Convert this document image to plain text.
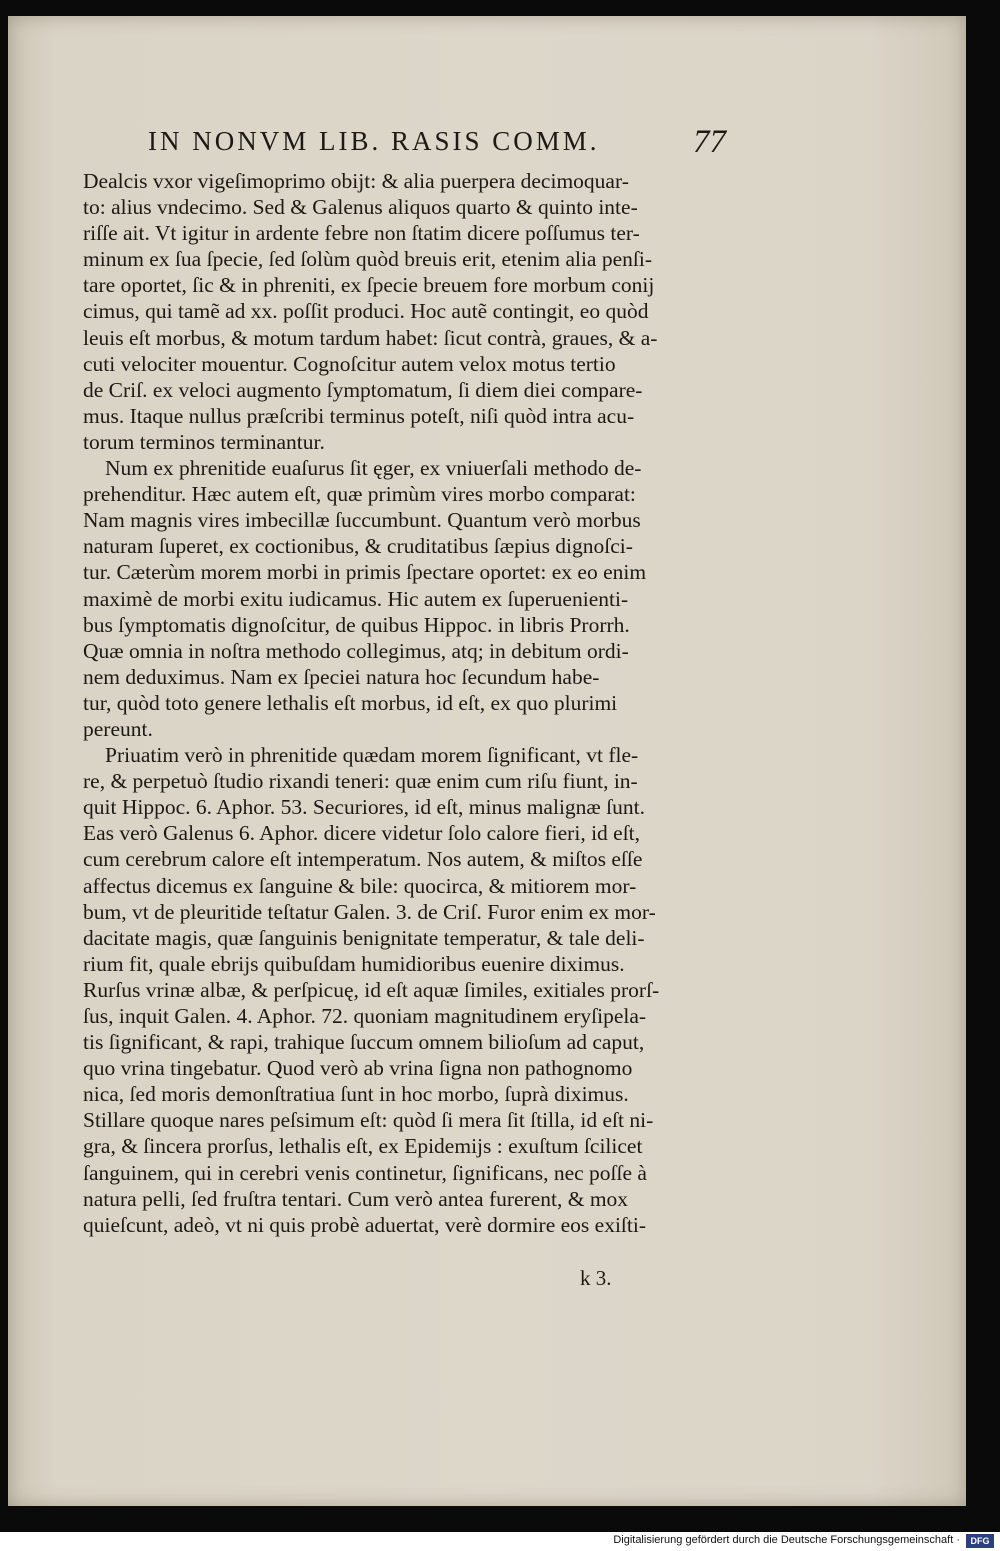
IN NONVM LIB. RASIS COMM.	77
Dealcis vxor vigeſimoprimo obijt: & alia puerpera decimoquar-
to: alius vndecimo. Sed & Galenus aliquos quarto & quinto inte-
riſſe ait. Vt igitur in ardente febre non ſtatim dicere poſſumus ter-
minum ex ſua ſpecie, ſed ſolùm quòd breuis erit, etenim alia penſi-
tare oportet, ſic & in phreniti, ex ſpecie breuem fore morbum conij
cimus, qui tamẽ ad xx. poſſit produci. Hoc autẽ contingit, eo quòd
leuis eſt morbus, & motum tardum habet: ſicut contrà, graues, & a-
cuti velociter mouentur. Cognoſcitur autem velox motus tertio
de Criſ. ex veloci augmento ſymptomatum, ſi diem diei compare-
mus. Itaque nullus præſcribi terminus poteſt, niſi quòd intra acu-
torum terminos terminantur.
Num ex phrenitide euaſurus ſit ęger, ex vniuerſali methodo de-
prehenditur. Hæc autem eſt, quæ primùm vires morbo comparat:
Nam magnis vires imbecillæ ſuccumbunt. Quantum verò morbus
naturam ſuperet, ex coctionibus, & cruditatibus ſæpius dignoſci-
tur. Cæterùm morem morbi in primis ſpectare oportet: ex eo enim
maximè de morbi exitu iudicamus. Hic autem ex ſuperuenienti-
bus ſymptomatis dignoſcitur, de quibus Hippoc. in libris Prorrh.
Quæ omnia in noſtra methodo collegimus, atq; in debitum ordi-
nem deduximus. Nam ex ſpeciei natura hoc ſecundum habe-
tur, quòd toto genere lethalis eſt morbus, id eſt, ex quo plurimi
pereunt.
Priuatim verò in phrenitide quædam morem ſignificant, vt fle-
re, & perpetuò ſtudio rixandi teneri: quæ enim cum riſu fiunt, in-
quit Hippoc. 6. Aphor. 53. Securiores, id eſt, minus malignæ ſunt.
Eas verò Galenus 6. Aphor. dicere videtur ſolo calore fieri, id eſt,
cum cerebrum calore eſt intemperatum. Nos autem, & miſtos eſſe
affectus dicemus ex ſanguine & bile: quocirca, & mitiorem mor-
bum, vt de pleuritide teſtatur Galen. 3. de Criſ. Furor enim ex mor-
dacitate magis, quæ ſanguinis benignitate temperatur, & tale deli-
rium fit, quale ebrijs quibuſdam humidioribus euenire diximus.
Rurſus vrinæ albæ, & perſpicuę, id eſt aquæ ſimiles, exitiales prorſ-
ſus, inquit Galen. 4. Aphor. 72. quoniam magnitudinem eryſipela-
tis ſignificant, & rapi, trahique ſuccum omnem bilioſum ad caput,
quo vrina tingebatur. Quod verò ab vrina ſigna non pathognomo
nica, ſed moris demonſtratiua ſunt in hoc morbo, ſuprà diximus.
Stillare quoque nares peſsimum eſt: quòd ſi mera ſit ſtilla, id eſt ni-
gra, & ſincera prorſus, lethalis eſt, ex Epidemijs : exuſtum ſcilicet
ſanguinem, qui in cerebri venis continetur, ſignificans, nec poſſe à
natura pelli, ſed fruſtra tentari. Cum verò antea furerent, & mox
quieſcunt, adeò, vt ni quis probè aduertat, verè dormire eos exiſti-
k 3.
Digitalisierung gefördert durch die Deutsche Forschungsgemeinschaft ·	DFG
